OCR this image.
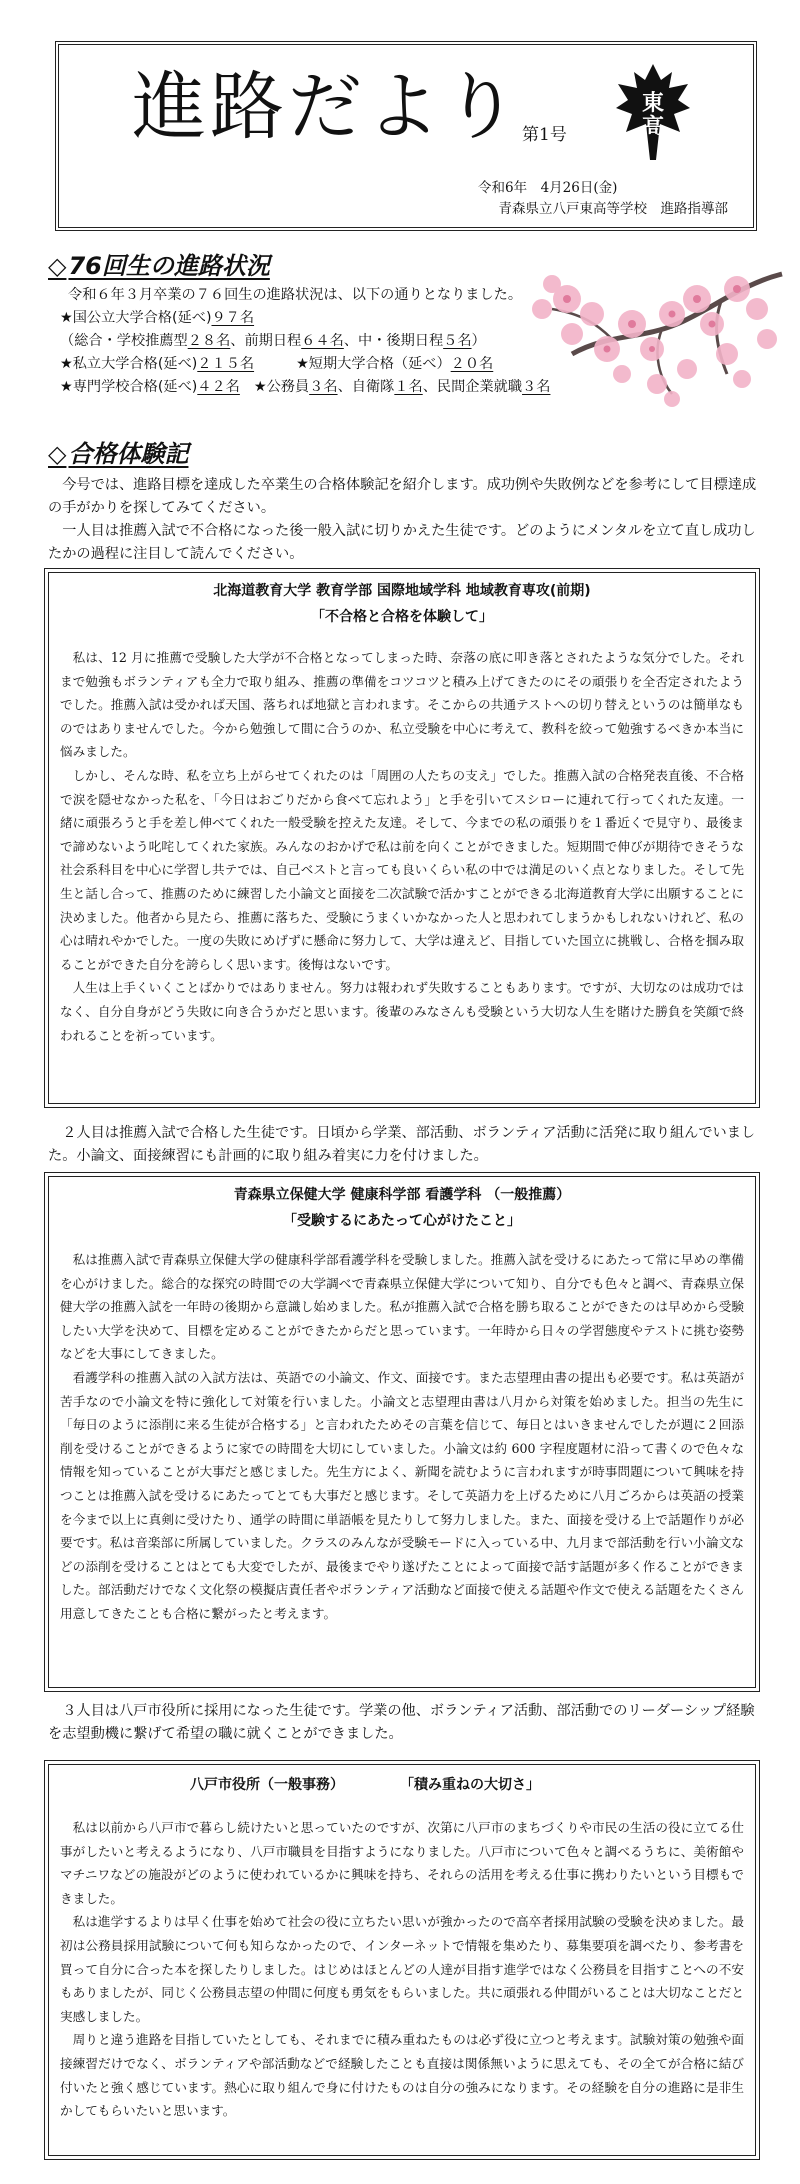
進路だより 第1号
東
高
令和6年　4月26日(金)
青森県立八戸東高等学校　進路指導部
◇76回生の進路状況
令和６年３月卒業の７６回生の進路状況は、以下の通りとなりました。
★国公立大学合格(延べ)９７名
（総合・学校推薦型２８名、前期日程６４名、中・後期日程５名）
★私立大学合格(延べ)２１５名	★短期大学合格（延べ）２０名
★専門学校合格(延べ)４２名 ★公務員３名、自衛隊１名、民間企業就職３名
◇合格体験記
今号では、進路目標を達成した卒業生の合格体験記を紹介します。成功例や失敗例などを参考にして目標達成の手がかりを探してみてください。
一人目は推薦入試で不合格になった後一般入試に切りかえた生徒です。どのようにメンタルを立て直し成功したかの過程に注目して読んでください。
北海道教育大学 教育学部 国際地域学科 地域教育専攻(前期)
「不合格と合格を体験して」

私は、12 月に推薦で受験した大学が不合格となってしまった時、奈落の底に叩き落とされたような気分でした。それまで勉強もボランティアも全力で取り組み、推薦の準備をコツコツと積み上げてきたのにその頑張りを全否定されたようでした。推薦入試は受かれば天国、落ちれば地獄と言われます。そこからの共通テストへの切り替えというのは簡単なものではありませんでした。今から勉強して間に合うのか、私立受験を中心に考えて、教科を絞って勉強するべきか本当に悩みました。

しかし、そんな時、私を立ち上がらせてくれたのは「周囲の人たちの支え」でした。推薦入試の合格発表直後、不合格で涙を隠せなかった私を、「今日はおごりだから食べて忘れよう」と手を引いてスシローに連れて行ってくれた友達。一緒に頑張ろうと手を差し伸べてくれた一般受験を控えた友達。そして、今までの私の頑張りを１番近くで見守り、最後まで諦めないよう叱咤してくれた家族。みんなのおかげで私は前を向くことができました。短期間で伸びが期待できそうな社会系科目を中心に学習し共テでは、自己ベストと言っても良いくらい私の中では満足のいく点となりました。そして先生と話し合って、推薦のために練習した小論文と面接を二次試験で活かすことができる北海道教育大学に出願することに決めました。他者から見たら、推薦に落ちた、受験にうまくいかなかった人と思われてしまうかもしれないけれど、私の心は晴れやかでした。一度の失敗にめげずに懸命に努力して、大学は違えど、目指していた国立に挑戦し、合格を掴み取ることができた自分を誇らしく思います。後悔はないです。

人生は上手くいくことばかりではありません。努力は報われず失敗することもあります。ですが、大切なのは成功ではなく、自分自身がどう失敗に向き合うかだと思います。後輩のみなさんも受験という大切な人生を賭けた勝負を笑顔で終われることを祈っています。

２人目は推薦入試で合格した生徒です。日頃から学業、部活動、ボランティア活動に活発に取り組んでいました。小論文、面接練習にも計画的に取り組み着実に力を付けました。
青森県立保健大学 健康科学部 看護学科 （一般推薦）
「受験するにあたって心がけたこと」

私は推薦入試で青森県立保健大学の健康科学部看護学科を受験しました。推薦入試を受けるにあたって常に早めの準備を心がけました。総合的な探究の時間での大学調べで青森県立保健大学について知り、自分でも色々と調べ、青森県立保健大学の推薦入試を一年時の後期から意識し始めました。私が推薦入試で合格を勝ち取ることができたのは早めから受験したい大学を決めて、目標を定めることができたからだと思っています。一年時から日々の学習態度やテストに挑む姿勢などを大事にしてきました。

看護学科の推薦入試の入試方法は、英語での小論文、作文、面接です。また志望理由書の提出も必要です。私は英語が苦手なので小論文を特に強化して対策を行いました。小論文と志望理由書は八月から対策を始めました。担当の先生に「毎日のように添削に来る生徒が合格する」と言われたためその言葉を信じて、毎日とはいきませんでしたが週に２回添削を受けることができるように家での時間を大切にしていました。小論文は約 600 字程度題材に沿って書くので色々な情報を知っていることが大事だと感じました。先生方によく、新聞を読むように言われますが時事問題について興味を持つことは推薦入試を受けるにあたってとても大事だと感じます。そして英語力を上げるために八月ごろからは英語の授業を今まで以上に真剣に受けたり、通学の時間に単語帳を見たりして努力しました。また、面接を受ける上で話題作りが必要です。私は音楽部に所属していました。クラスのみんなが受験モードに入っている中、九月まで部活動を行い小論文などの添削を受けることはとても大変でしたが、最後までやり遂げたことによって面接で話す話題が多く作ることができました。部活動だけでなく文化祭の模擬店責任者やボランティア活動など面接で使える話題や作文で使える話題をたくさん用意してきたことも合格に繋がったと考えます。

３人目は八戸市役所に採用になった生徒です。学業の他、ボランティア活動、部活動でのリーダーシップ経験を志望動機に繋げて希望の職に就くことができました。
八戸市役所（一般事務）	「積み重ねの大切さ」

私は以前から八戸市で暮らし続けたいと思っていたのですが、次第に八戸市のまちづくりや市民の生活の役に立てる仕事がしたいと考えるようになり、八戸市職員を目指すようになりました。八戸市について色々と調べるうちに、美術館やマチニワなどの施設がどのように使われているかに興味を持ち、それらの活用を考える仕事に携わりたいという目標もできました。

私は進学するよりは早く仕事を始めて社会の役に立ちたい思いが強かったので高卒者採用試験の受験を決めました。最初は公務員採用試験について何も知らなかったので、インターネットで情報を集めたり、募集要項を調べたり、参考書を買って自分に合った本を探したりしました。はじめはほとんどの人達が目指す進学ではなく公務員を目指すことへの不安もありましたが、同じく公務員志望の仲間に何度も勇気をもらいました。共に頑張れる仲間がいることは大切なことだと実感しました。

周りと違う進路を目指していたとしても、それまでに積み重ねたものは必ず役に立つと考えます。試験対策の勉強や面接練習だけでなく、ボランティアや部活動などで経験したことも直接は関係無いように思えても、その全てが合格に結び付いたと強く感じています。熱心に取り組んで身に付けたものは自分の強みになります。その経験を自分の進路に是非生かしてもらいたいと思います。
